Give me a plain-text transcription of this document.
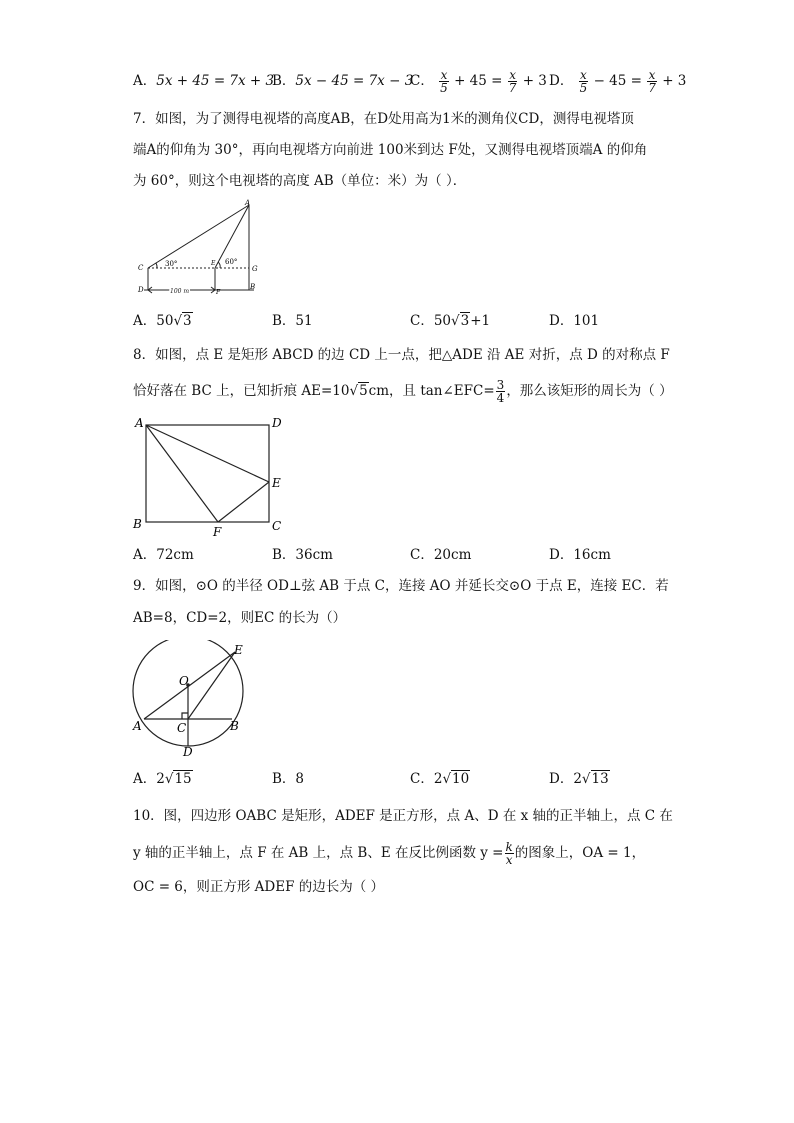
A．5x + 45 = 7x + 3
B．5x − 45 = 7x − 3
C． $\frac{x}{5} + 45 = \frac{x}{7} + 3$ D． $\frac{x}{5} - 45 = \frac{x}{7} + 3$
7．如图，为了测得电视塔的高度AB，在D处用高为1米的测角仪CD，测得电视塔顶
端A的仰角为 30°，再向电视塔方向前进 100米到达 F处，又测得电视塔顶端A 的仰角
为 60°，则这个电视塔的高度 AB（单位：米）为（ ）．
A
C
E
G
D	F
B
30°	60°
100 m
A．50√3	B．51	C．50√3+1	D．101
8．如图，点 E 是矩形 ABCD 的边 CD 上一点，把△ADE 沿 AE 对折，点 D 的对称点 F
恰好落在 BC 上，已知折痕 AE=10√5cm，且 tan∠EFC= $\frac{3}{4}$ ，那么该矩形的周长为（ ）
A	D
E
B
F	C
A．72cm	B．36cm	C．20cm	D．16cm
9．如图，⊙O 的半径 OD⊥弦 AB 于点 C，连接 AO 并延长交⊙O 于点 E，连接 EC．若
AB=8，CD=2，则EC 的长为（）
E
O
A	C	B
D
A．2√15	B．8	C．2√10	D．2√13
10．图，四边形 OABC 是矩形，ADEF 是正方形，点 A、D 在 x 轴的正半轴上，点 C 在
y 轴的正半轴上，点 F 在 AB 上，点 B、E 在反比例函数 $y = \frac{k}{x}$ 的图象上，OA = 1，
OC = 6，则正方形 ADEF 的边长为（ ）
